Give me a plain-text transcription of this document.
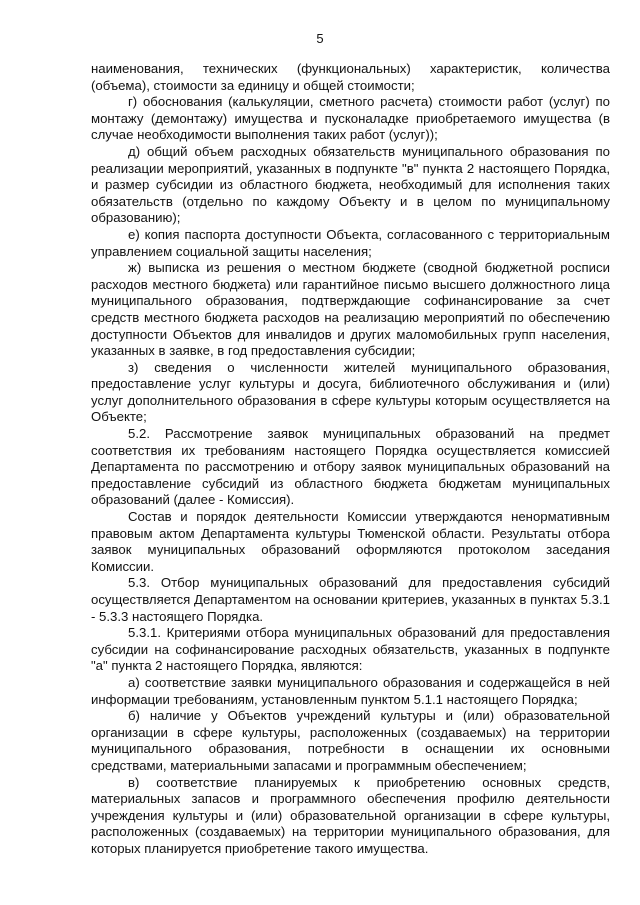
5

наименования, технических (функциональных) характеристик, количества (объема), стоимости за единицу и общей стоимости;

г) обоснования (калькуляции, сметного расчета) стоимости работ (услуг) по монтажу (демонтажу) имущества и пусконаладке приобретаемого имущества (в случае необходимости выполнения таких работ (услуг));

д) общий объем расходных обязательств муниципального образования по реализации мероприятий, указанных в подпункте "в" пункта 2 настоящего Порядка, и размер субсидии из областного бюджета, необходимый для исполнения таких обязательств (отдельно по каждому Объекту и в целом по муниципальному образованию);

е) копия паспорта доступности Объекта, согласованного с территориальным управлением социальной защиты населения;

ж) выписка из решения о местном бюджете (сводной бюджетной росписи расходов местного бюджета) или гарантийное письмо высшего должностного лица муниципального образования, подтверждающие софинансирование за счет средств местного бюджета расходов на реализацию мероприятий по обеспечению доступности Объектов для инвалидов и других маломобильных групп населения, указанных в заявке, в год предоставления субсидии;

з) сведения о численности жителей муниципального образования, предоставление услуг культуры и досуга, библиотечного обслуживания и (или) услуг дополнительного образования в сфере культуры которым осуществляется на Объекте;

5.2. Рассмотрение заявок муниципальных образований на предмет соответствия их требованиям настоящего Порядка осуществляется комиссией Департамента по рассмотрению и отбору заявок муниципальных образований на предоставление субсидий из областного бюджета бюджетам муниципальных образований (далее - Комиссия).

Состав и порядок деятельности Комиссии утверждаются ненормативным правовым актом Департамента культуры Тюменской области. Результаты отбора заявок муниципальных образований оформляются протоколом заседания Комиссии.

5.3. Отбор муниципальных образований для предоставления субсидий осуществляется Департаментом на основании критериев, указанных в пунктах 5.3.1 - 5.3.3 настоящего Порядка.

5.3.1. Критериями отбора муниципальных образований для предоставления субсидии на софинансирование расходных обязательств, указанных в подпункте "а" пункта 2 настоящего Порядка, являются:

а) соответствие заявки муниципального образования и содержащейся в ней информации требованиям, установленным пунктом 5.1.1 настоящего Порядка;

б) наличие у Объектов учреждений культуры и (или) образовательной организации в сфере культуры, расположенных (создаваемых) на территории муниципального образования, потребности в оснащении их основными средствами, материальными запасами и программным обеспечением;

в) соответствие планируемых к приобретению основных средств, материальных запасов и программного обеспечения профилю деятельности учреждения культуры и (или) образовательной организации в сфере культуры, расположенных (создаваемых) на территории муниципального образования, для которых планируется приобретение такого имущества.
